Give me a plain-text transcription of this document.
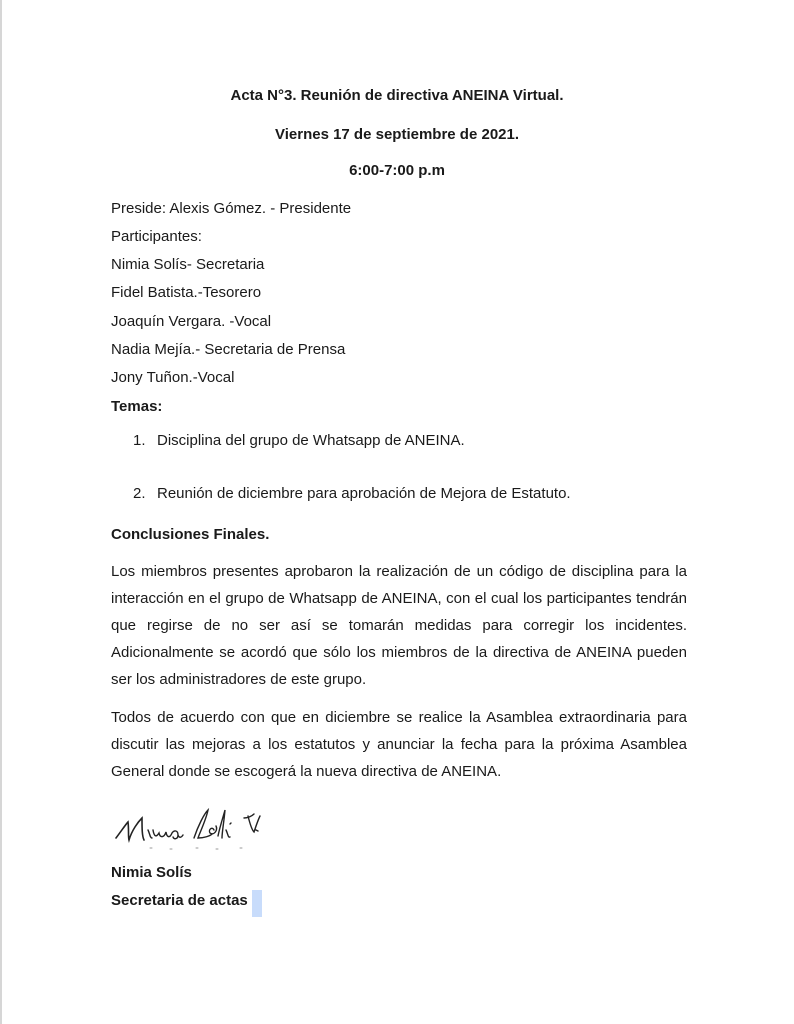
Acta N°3. Reunión de directiva ANEINA Virtual.

Viernes 17 de septiembre de 2021.

6:00-7:00 p.m

Preside: Alexis Gómez. - Presidente

Participantes:

Nimia Solís- Secretaria

Fidel Batista.-Tesorero

Joaquín Vergara. -Vocal

Nadia Mejía.- Secretaria de Prensa

Jony Tuñon.-Vocal

Temas:

1. Disciplina del grupo de Whatsapp de ANEINA.
2. Reunión de diciembre para aprobación de Mejora de Estatuto.

Conclusiones Finales.

Los miembros presentes aprobaron la realización de un código de disciplina para la interacción en el grupo de Whatsapp de ANEINA, con el cual los participantes tendrán que regirse de no ser así se tomarán medidas para corregir los incidentes. Adicionalmente se acordó que sólo los miembros de la directiva de ANEINA pueden ser los administradores de este grupo.

Todos de acuerdo con que en diciembre se realice la Asamblea extraordinaria para discutir las mejoras a los estatutos y anunciar la fecha para la próxima Asamblea General donde se escogerá la nueva directiva de ANEINA.

Nimia Solís

Secretaria de actas
